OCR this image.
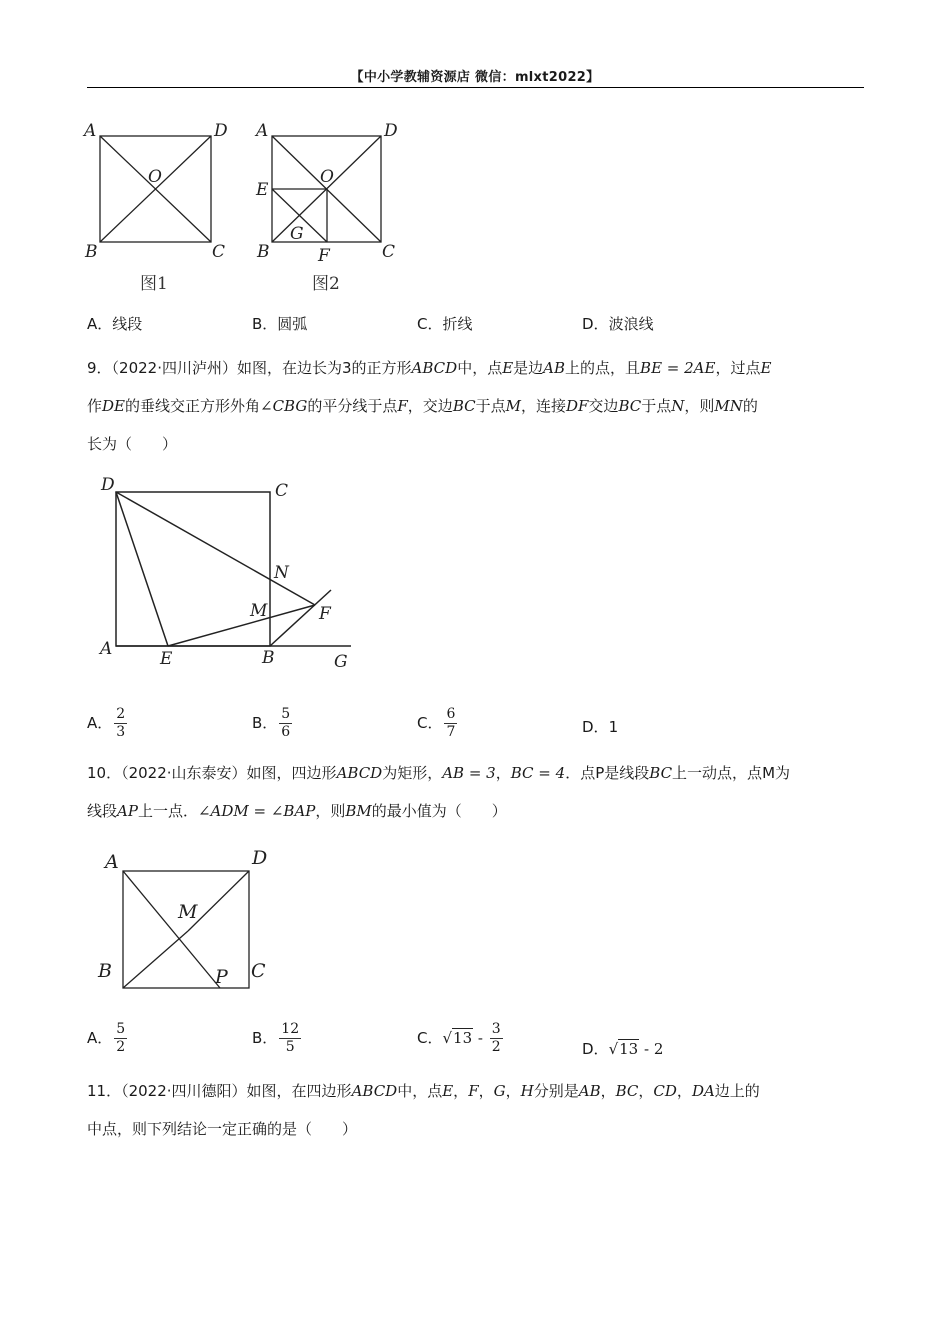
【中小学教辅资源店 微信：mlxt2022】
A	D
O
B	C
图1
A	D
O
E
G
B	F	C
图2
A．线段	B．圆弧	C．折线	D．波浪线
9．（2022·四川泸州）如图，在边长为3的正方形ABCD中，点E是边AB上的点，且BE = 2AE，过点E
作DE的垂线交正方形外角∠CBG的平分线于点F，交边BC于点M，连接DF交边BC于点N，则MN的
长为（　　）
D	C
N
M	F
A	E	B	G
A． $\frac{2}{3}$	B． $\frac{5}{6}$	C． $\frac{6}{7}$	D．1
10．（2022·山东泰安）如图，四边形ABCD为矩形，AB = 3，BC = 4．点P是线段BC上一动点，点M为
线段AP上一点．∠ADM = ∠BAP，则BM的最小值为（　　）
A	D
M
B	P C
A． $\frac{5}{2}$	B． $\frac{12}{5}$	C．$√13 - \frac{3}{2}$	D．√13 - 2
11．（2022·四川德阳）如图，在四边形ABCD中，点E，F，G，H分别是AB，BC，CD，DA边上的
中点，则下列结论一定正确的是（　　）
